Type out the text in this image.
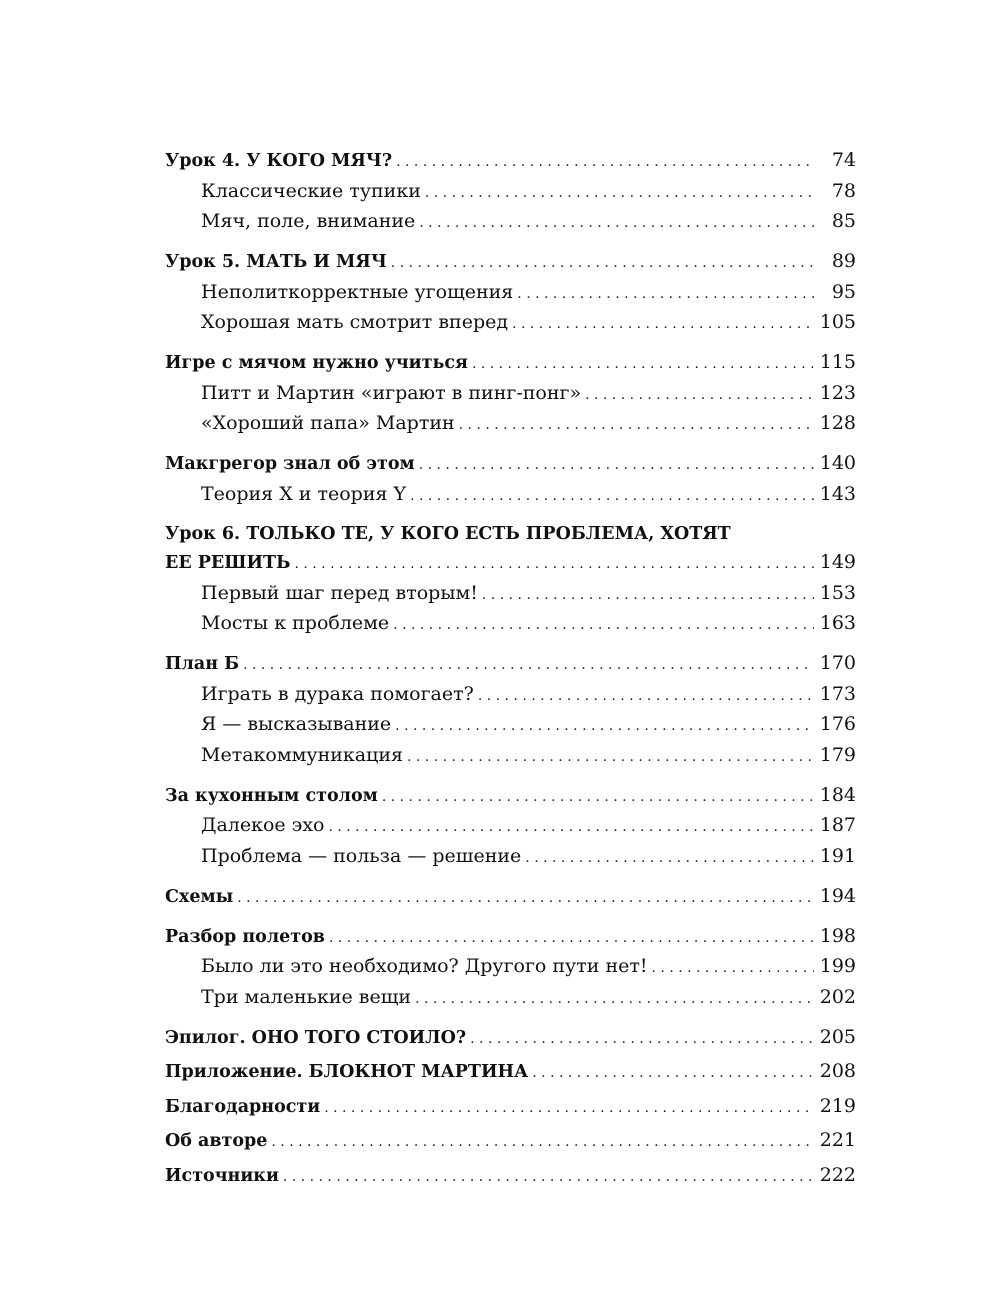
Урок 4. У КОГО МЯЧ? . . .	74
Классические тупики . . .	78
Мяч, поле, внимание . . .	85
Урок 5. МАТЬ И МЯЧ . . .	89
Неполиткорректные угощения . . .	95
Хорошая мать смотрит вперед . . .	105
Игре с мячом нужно учиться . . .	115
Питт и Мартин «играют в пинг-понг» . . .	123
«Хороший папа» Мартин . . .	128
Макгрегор знал об этом . . .	140
Теория X и теория Y . . .	143
Урок 6. ТОЛЬКО ТЕ, У КОГО ЕСТЬ ПРОБЛЕМА, ХОТЯТ
ЕЕ РЕШИТЬ . . .	149
Первый шаг перед вторым! . . .	153
Мосты к проблеме . . .	163
План Б . . .	170
Играть в дурака помогает? . . .	173
Я — высказывание . . .	176
Метакоммуникация . . .	179
За кухонным столом . . .	184
Далекое эхо . . .	187
Проблема — польза — решение . . .	191
Схемы . . .	194
Разбор полетов . . .	198
Было ли это необходимо? Другого пути нет! . . .	199
Три маленькие вещи . . .	202
Эпилог. ОНО ТОГО СТОИЛО? . . .	205
Приложение. БЛОКНОТ МАРТИНА . . .	208
Благодарности . . .	219
Об авторе . . .	221
Источники . . .	222
